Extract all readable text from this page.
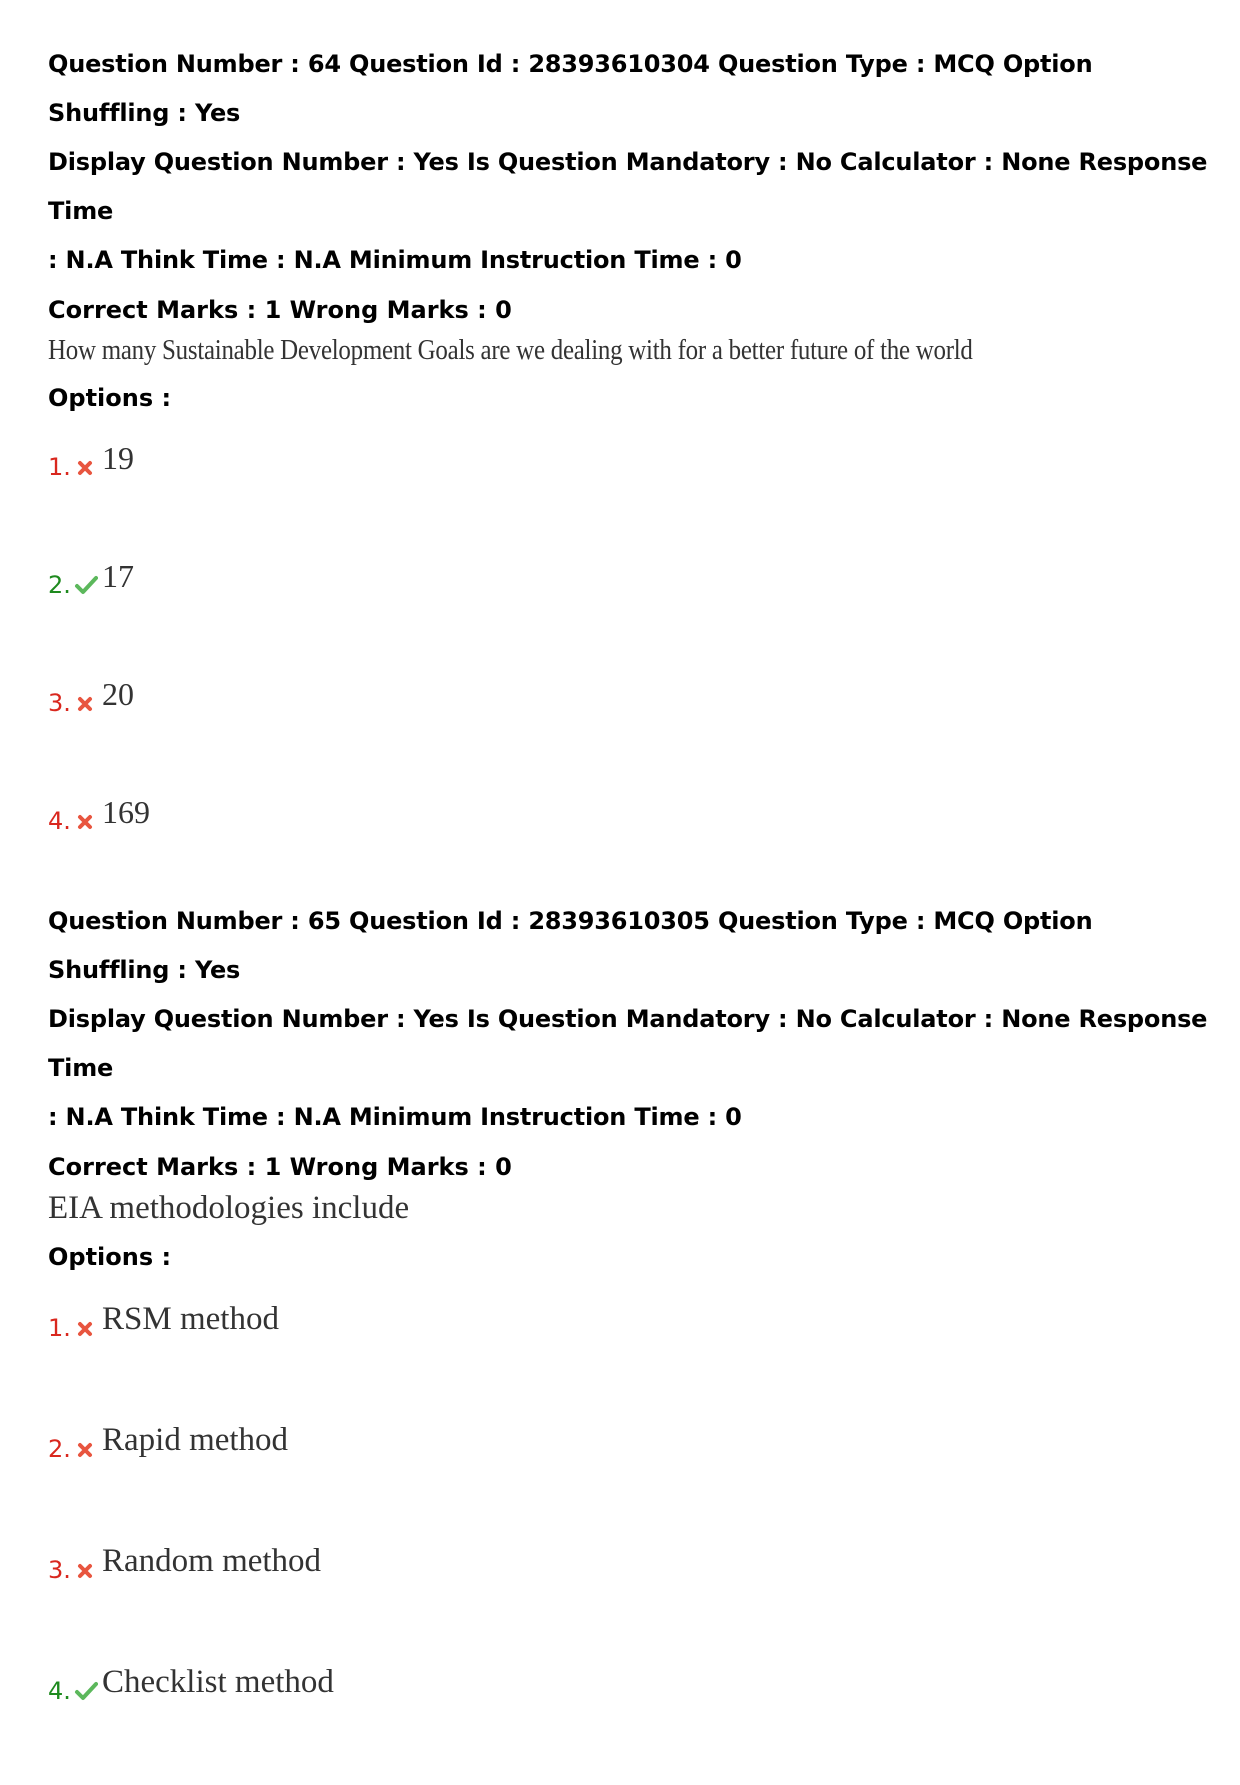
Question Number : 64 Question Id : 28393610304 Question Type : MCQ Option Shuffling : Yes

Display Question Number : Yes Is Question Mandatory : No Calculator : None Response Time

: N.A Think Time : N.A Minimum Instruction Time : 0

Correct Marks : 1 Wrong Marks : 0

How many Sustainable Development Goals are we dealing with for a better future of the world

Options :
1. 19
2. 17
3. 20
4. 169

Question Number : 65 Question Id : 28393610305 Question Type : MCQ Option Shuffling : Yes

Display Question Number : Yes Is Question Mandatory : No Calculator : None Response Time

: N.A Think Time : N.A Minimum Instruction Time : 0

Correct Marks : 1 Wrong Marks : 0

EIA methodologies include

Options :
1. RSM method
2. Rapid method
3. Random method
4. Checklist method
